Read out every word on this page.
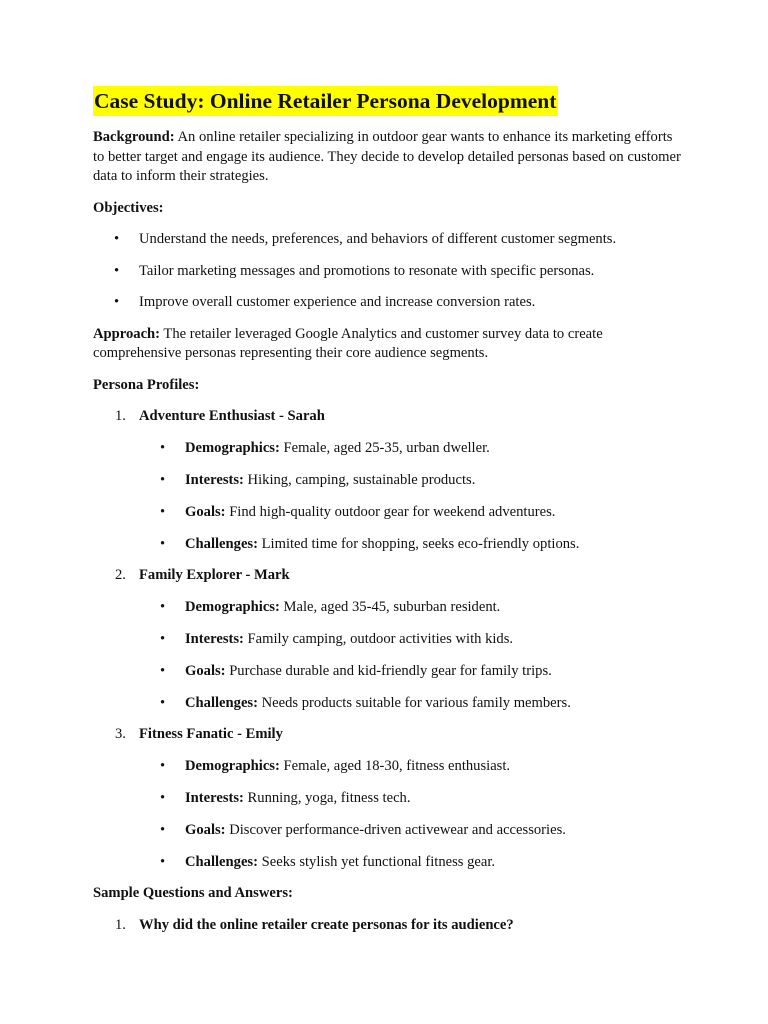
Case Study: Online Retailer Persona Development

Background: An online retailer specializing in outdoor gear wants to enhance its marketing efforts to better target and engage its audience. They decide to develop detailed personas based on customer data to inform their strategies.

Objectives:

• Understand the needs, preferences, and behaviors of different customer segments.
• Tailor marketing messages and promotions to resonate with specific personas.
• Improve overall customer experience and increase conversion rates.

Approach: The retailer leveraged Google Analytics and customer survey data to create comprehensive personas representing their core audience segments.

Persona Profiles:

1. Adventure Enthusiast - Sarah
• Demographics: Female, aged 25-35, urban dweller.
• Interests: Hiking, camping, sustainable products.
• Goals: Find high-quality outdoor gear for weekend adventures.
• Challenges: Limited time for shopping, seeks eco-friendly options.
2. Family Explorer - Mark
• Demographics: Male, aged 35-45, suburban resident.
• Interests: Family camping, outdoor activities with kids.
• Goals: Purchase durable and kid-friendly gear for family trips.
• Challenges: Needs products suitable for various family members.
3. Fitness Fanatic - Emily
• Demographics: Female, aged 18-30, fitness enthusiast.
• Interests: Running, yoga, fitness tech.
• Goals: Discover performance-driven activewear and accessories.
• Challenges: Seeks stylish yet functional fitness gear.

Sample Questions and Answers:

1. Why did the online retailer create personas for its audience?
